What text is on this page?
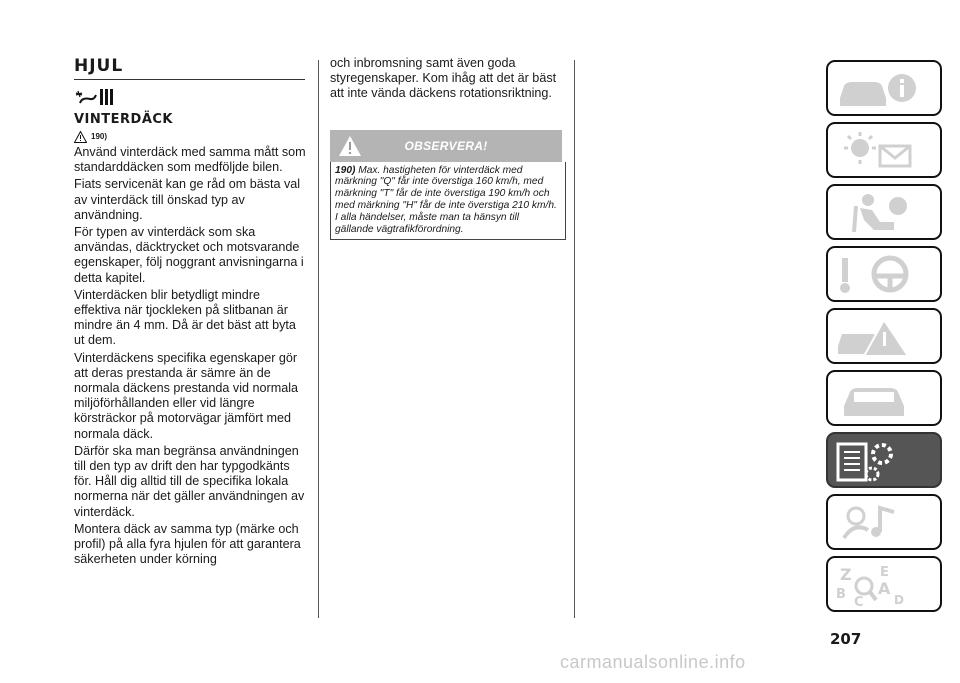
HJUL
VINTERDÄCK
190)

Använd vinterdäck med samma mått som standarddäcken som medföljde bilen.

Fiats servicenät kan ge råd om bästa val av vinterdäck till önskad typ av användning.

För typen av vinterdäck som ska användas, däcktrycket och motsvarande egenskaper, följ noggrant anvisningarna i detta kapitel.

Vinterdäcken blir betydligt mindre effektiva när tjockleken på slitbanan är mindre än 4 mm. Då är det bäst att byta ut dem.

Vinterdäckens specifika egenskaper gör att deras prestanda är sämre än de normala däckens prestanda vid normala miljöförhållanden eller vid längre körsträckor på motorvägar jämfört med normala däck.

Därför ska man begränsa användningen till den typ av drift den har typgodkänts för. Håll dig alltid till de specifika lokala normerna när det gäller användningen av vinterdäck.

Montera däck av samma typ (märke och profil) på alla fyra hjulen för att garantera säkerheten under körning

och inbromsning samt även goda styregenskaper. Kom ihåg att det är bäst att inte vända däckens rotationsriktning.

OBSERVERA!

190) Max. hastigheten för vinterdäck med märkning "Q" får inte överstiga 160 km/h, med märkning "T" får de inte överstiga 190 km/h och med märkning "H" får de inte överstiga 210 km/h. I alla händelser, måste man ta hänsyn till gällande vägtrafikförordning.

Z E
A
B
C	D
207
carmanualsonline.info
